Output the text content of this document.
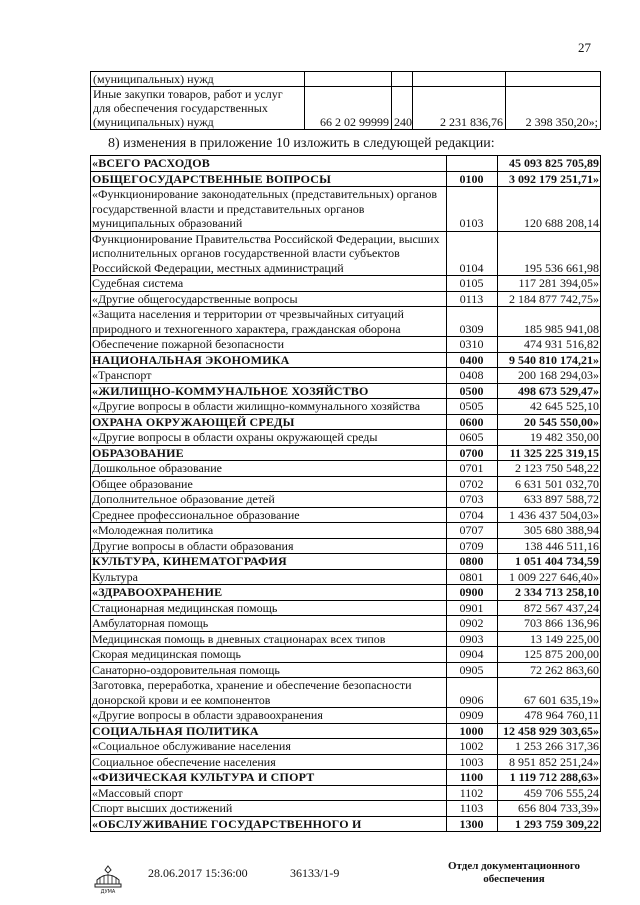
27
(муниципальных) нужд				
Иные закупки товаров, работ и услуг для обеспечения государственных (муниципальных) нужд	66 2 02 99999	240	2 231 836,76	2 398 350,20»;
8) изменения в приложение 10 изложить в следующей редакции:
«ВСЕГО РАСХОДОВ		45 093 825 705,89
ОБЩЕГОСУДАРСТВЕННЫЕ ВОПРОСЫ	0100	3 092 179 251,71»
«Функционирование законодательных (представительных) органов государственной власти и представительных органов муниципальных образований	0103	120 688 208,14
Функционирование Правительства Российской Федерации, высших исполнительных органов государственной власти субъектов Российской Федерации, местных администраций	0104	195 536 661,98
Судебная система	0105	117 281 394,05»
«Другие общегосударственные вопросы	0113	2 184 877 742,75»
«Защита населения и территории от чрезвычайных ситуаций природного и техногенного характера, гражданская оборона	0309	185 985 941,08
Обеспечение пожарной безопасности	0310	474 931 516,82
НАЦИОНАЛЬНАЯ ЭКОНОМИКА	0400	9 540 810 174,21»
«Транспорт	0408	200 168 294,03»
«ЖИЛИЩНО-КОММУНАЛЬНОЕ ХОЗЯЙСТВО	0500	498 673 529,47»
«Другие вопросы в области жилищно-коммунального хозяйства	0505	42 645 525,10
ОХРАНА ОКРУЖАЮЩЕЙ СРЕДЫ	0600	20 545 550,00»
«Другие вопросы в области охраны окружающей среды	0605	19 482 350,00
ОБРАЗОВАНИЕ	0700	11 325 225 319,15
Дошкольное образование	0701	2 123 750 548,22
Общее образование	0702	6 631 501 032,70
Дополнительное образование детей	0703	633 897 588,72
Среднее профессиональное образование	0704	1 436 437 504,03»
«Молодежная политика	0707	305 680 388,94
Другие вопросы в области образования	0709	138 446 511,16
КУЛЬТУРА, КИНЕМАТОГРАФИЯ	0800	1 051 404 734,59
Культура	0801	1 009 227 646,40»
«ЗДРАВООХРАНЕНИЕ	0900	2 334 713 258,10
Стационарная медицинская помощь	0901	872 567 437,24
Амбулаторная помощь	0902	703 866 136,96
Медицинская помощь в дневных стационарах всех типов	0903	13 149 225,00
Скорая медицинская помощь	0904	125 875 200,00
Санаторно-оздоровительная помощь	0905	72 262 863,60
Заготовка, переработка, хранение и обеспечение безопасности донорской крови и ее компонентов	0906	67 601 635,19»
«Другие вопросы в области здравоохранения	0909	478 964 760,11
СОЦИАЛЬНАЯ ПОЛИТИКА	1000	12 458 929 303,65»
«Социальное обслуживание населения	1002	1 253 266 317,36
Социальное обеспечение населения	1003	8 951 852 251,24»
«ФИЗИЧЕСКАЯ КУЛЬТУРА И СПОРТ	1100	1 119 712 288,63»
«Массовый спорт	1102	459 706 555,24
Спорт высших достижений	1103	656 804 733,39»
«ОБСЛУЖИВАНИЕ ГОСУДАРСТВЕННОГО И	1300	1 293 759 309,22
ДУМА
28.06.2017 15:36:00	36133/1-9	Отдел документационного обеспечения
